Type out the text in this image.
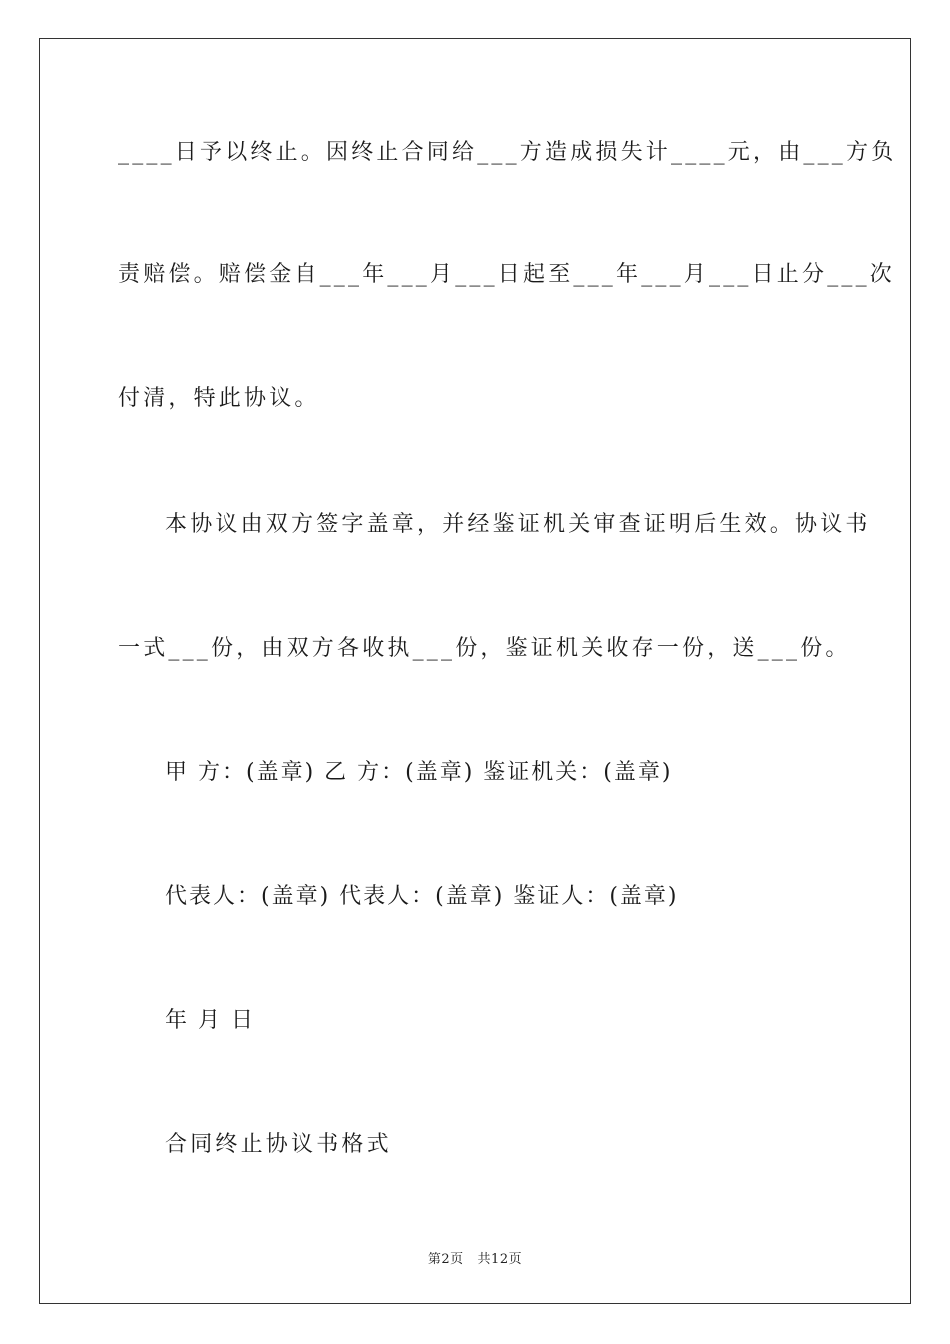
____日予以终止。因终止合同给___方造成损失计____元，由___方负
责赔偿。赔偿金自___年___月___日起至___年___月___日止分___次
付清，特此协议。
本协议由双方签字盖章，并经鉴证机关审查证明后生效。协议书
一式___份，由双方各收执___份，鉴证机关收存一份，送___份。
甲 方：(盖章) 乙 方：(盖章) 鉴证机关：(盖章)
代表人：(盖章) 代表人：(盖章) 鉴证人：(盖章)
年 月 日
合同终止协议书格式
第2页   共12页
